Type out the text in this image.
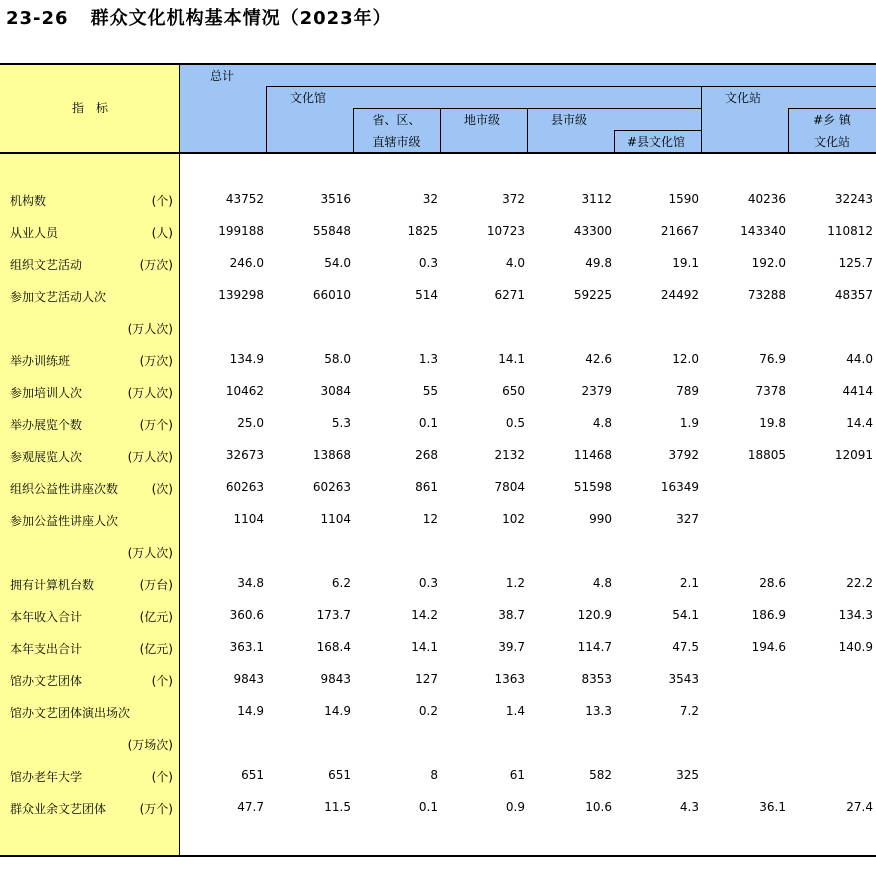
23-26 群众文化机构基本情况（2023年）
指　标
总计
文化馆
省、区、
直辖市级
地市级	县市级
#县文化馆
文化站
#乡 镇
文化站
机构数	(个)	43752	3516	32	372	3112	1590	40236	32243
从业人员	(人)	199188	55848	1825	10723	43300	21667	143340	110812
组织文艺活动	(万次)	246.0	54.0	0.3	4.0	49.8	19.1	192.0	125.7
参加文艺活动人次	139298	66010	514	6271	59225	24492	73288	48357
(万人次)
举办训练班	(万次)	134.9	58.0	1.3	14.1	42.6	12.0	76.9	44.0
参加培训人次	(万人次)	10462	3084	55	650	2379	789	7378	4414
举办展览个数	(万个)	25.0	5.3	0.1	0.5	4.8	1.9	19.8	14.4
参观展览人次	(万人次)	32673	13868	268	2132	11468	3792	18805	12091
组织公益性讲座次数	(次)	60263	60263	861	7804	51598	16349
参加公益性讲座人次	1104	1104	12	102	990	327
(万人次)
拥有计算机台数	(万台)	34.8	6.2	0.3	1.2	4.8	2.1	28.6	22.2
本年收入合计	(亿元)	360.6	173.7	14.2	38.7	120.9	54.1	186.9	134.3
本年支出合计	(亿元)	363.1	168.4	14.1	39.7	114.7	47.5	194.6	140.9
馆办文艺团体	(个)	9843	9843	127	1363	8353	3543
馆办文艺团体演出场次	14.9	14.9	0.2	1.4	13.3	7.2
(万场次)
馆办老年大学	(个)	651	651	8	61	582	325
群众业余文艺团体	(万个)	47.7	11.5	0.1	0.9	10.6	4.3	36.1	27.4
